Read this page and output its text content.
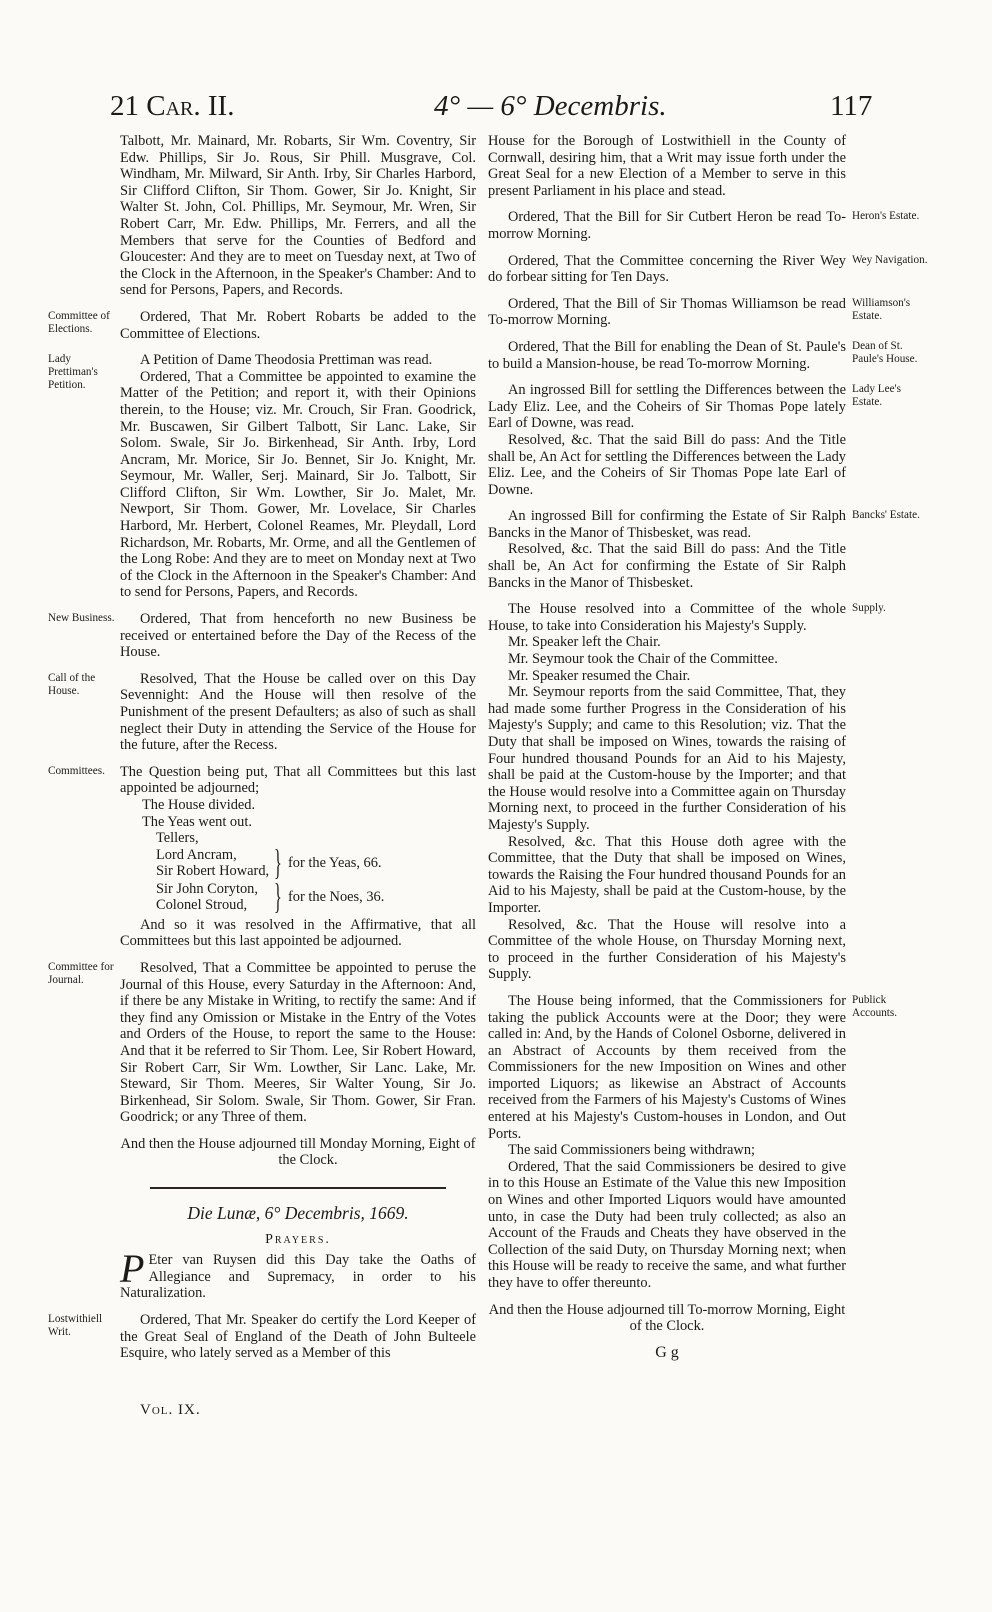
21 Car. II.	4° — 6° Decembris.	117

Talbott, Mr. Mainard, Mr. Robarts, Sir Wm. Coventry, Sir Edw. Phillips, Sir Jo. Rous, Sir Phill. Musgrave, Col. Windham, Mr. Milward, Sir Anth. Irby, Sir Charles Harbord, Sir Clifford Clifton, Sir Thom. Gower, Sir Jo. Knight, Sir Walter St. John, Col. Phillips, Mr. Seymour, Mr. Wren, Sir Robert Carr, Mr. Edw. Phillips, Mr. Ferrers, and all the Members that serve for the Counties of Bedford and Gloucester: And they are to meet on Tuesday next, at Two of the Clock in the Afternoon, in the Speaker's Chamber: And to send for Persons, Papers, and Records.

Committee of Elections.

Ordered, That Mr. Robert Robarts be added to the Committee of Elections.

Lady Prettiman's Petition.

A Petition of Dame Theodosia Prettiman was read.

Ordered, That a Committee be appointed to examine the Matter of the Petition; and report it, with their Opinions therein, to the House; viz. Mr. Crouch, Sir Fran. Goodrick, Mr. Buscawen, Sir Gilbert Talbott, Sir Lanc. Lake, Sir Solom. Swale, Sir Jo. Birkenhead, Sir Anth. Irby, Lord Ancram, Mr. Morice, Sir Jo. Bennet, Sir Jo. Knight, Mr. Seymour, Mr. Waller, Serj. Mainard, Sir Jo. Talbott, Sir Clifford Clifton, Sir Wm. Lowther, Sir Jo. Malet, Mr. Newport, Sir Thom. Gower, Mr. Lovelace, Sir Charles Harbord, Mr. Herbert, Colonel Reames, Mr. Pleydall, Lord Richardson, Mr. Robarts, Mr. Orme, and all the Gentlemen of the Long Robe: And they are to meet on Monday next at Two of the Clock in the Afternoon in the Speaker's Chamber: And to send for Persons, Papers, and Records.

New Business.	Ordered, That from henceforth no new Business be received or entertained before the Day of the Recess of the House.

Call of the House.

Resolved, That the House be called over on this Day Sevennight: And the House will then resolve of the Punishment of the present Defaulters; as also of such as shall neglect their Duty in attending the Service of the House for the future, after the Recess.

Committees.	The Question being put, That all Committees but this last appointed be adjourned;

The House divided.

The Yeas went out.

Tellers,

Lord Ancram,
Sir Robert Howard, } for the Yeas, 66.
Sir John Coryton,
Colonel Stroud, } for the Noes, 36.

And so it was resolved in the Affirmative, that all Committees but this last appointed be adjourned.

Committee for Journal.

Resolved, That a Committee be appointed to peruse the Journal of this House, every Saturday in the Afternoon: And, if there be any Mistake in Writing, to rectify the same: And if they find any Omission or Mistake in the Entry of the Votes and Orders of the House, to report the same to the House: And that it be referred to Sir Thom. Lee, Sir Robert Howard, Sir Robert Carr, Sir Wm. Lowther, Sir Lanc. Lake, Mr. Steward, Sir Thom. Meeres, Sir Walter Young, Sir Jo. Birkenhead, Sir Solom. Swale, Sir Thom. Gower, Sir Fran. Goodrick; or any Three of them.

And then the House adjourned till Monday Morning, Eight of the Clock.

Die Lunæ, 6° Decembris, 1669.

Prayers.

P Eter van Ruysen did this Day take the Oaths of Allegiance and Supremacy, in order to his Naturalization.

Lostwithiell Writ.

Ordered, That Mr. Speaker do certify the Lord Keeper of the Great Seal of England of the Death of John Bulteele Esquire, who lately served as a Member of this

Vol. IX.

House for the Borough of Lostwithiell in the County of Cornwall, desiring him, that a Writ may issue forth under the Great Seal for a new Election of a Member to serve in this present Parliament in his place and stead.

Heron's Estate.

Ordered, That the Bill for Sir Cutbert Heron be read To-morrow Morning.

Wey Navigation.

Ordered, That the Committee concerning the River Wey do forbear sitting for Ten Days.

Williamson's Estate.

Ordered, That the Bill of Sir Thomas Williamson be read To-morrow Morning.

Dean of St. Paule's House.

Ordered, That the Bill for enabling the Dean of St. Paule's to build a Mansion-house, be read To-morrow Morning.

Lady Lee's Estate.

An ingrossed Bill for settling the Differences between the Lady Eliz. Lee, and the Coheirs of Sir Thomas Pope lately Earl of Downe, was read.

Resolved, &c. That the said Bill do pass: And the Title shall be, An Act for settling the Differences between the Lady Eliz. Lee, and the Coheirs of Sir Thomas Pope late Earl of Downe.

Bancks' Estate.

An ingrossed Bill for confirming the Estate of Sir Ralph Bancks in the Manor of Thisbesket, was read.

Resolved, &c. That the said Bill do pass: And the Title shall be, An Act for confirming the Estate of Sir Ralph Bancks in the Manor of Thisbesket.

Supply.

The House resolved into a Committee of the whole House, to take into Consideration his Majesty's Supply.

Mr. Speaker left the Chair.

Mr. Seymour took the Chair of the Committee.

Mr. Speaker resumed the Chair.

Mr. Seymour reports from the said Committee, That, they had made some further Progress in the Consideration of his Majesty's Supply; and came to this Resolution; viz. That the Duty that shall be imposed on Wines, towards the raising of Four hundred thousand Pounds for an Aid to his Majesty, shall be paid at the Custom-house by the Importer; and that the House would resolve into a Committee again on Thursday Morning next, to proceed in the further Consideration of his Majesty's Supply.

Resolved, &c. That this House doth agree with the Committee, that the Duty that shall be imposed on Wines, towards the Raising the Four hundred thousand Pounds for an Aid to his Majesty, shall be paid at the Custom-house, by the Importer.

Resolved, &c. That the House will resolve into a Committee of the whole House, on Thursday Morning next, to proceed in the further Consideration of his Majesty's Supply.

Publick Accounts.

The House being informed, that the Commissioners for taking the publick Accounts were at the Door; they were called in: And, by the Hands of Colonel Osborne, delivered in an Abstract of Accounts by them received from the Commissioners for the new Imposition on Wines and other imported Liquors; as likewise an Abstract of Accounts received from the Farmers of his Majesty's Customs of Wines entered at his Majesty's Custom-houses in London, and Out Ports.

The said Commissioners being withdrawn;

Ordered, That the said Commissioners be desired to give in to this House an Estimate of the Value this new Imposition on Wines and other Imported Liquors would have amounted unto, in case the Duty had been truly collected; as also an Account of the Frauds and Cheats they have observed in the Collection of the said Duty, on Thursday Morning next; when this House will be ready to receive the same, and what further they have to offer thereunto.

And then the House adjourned till To-morrow Morning, Eight of the Clock.

G g
